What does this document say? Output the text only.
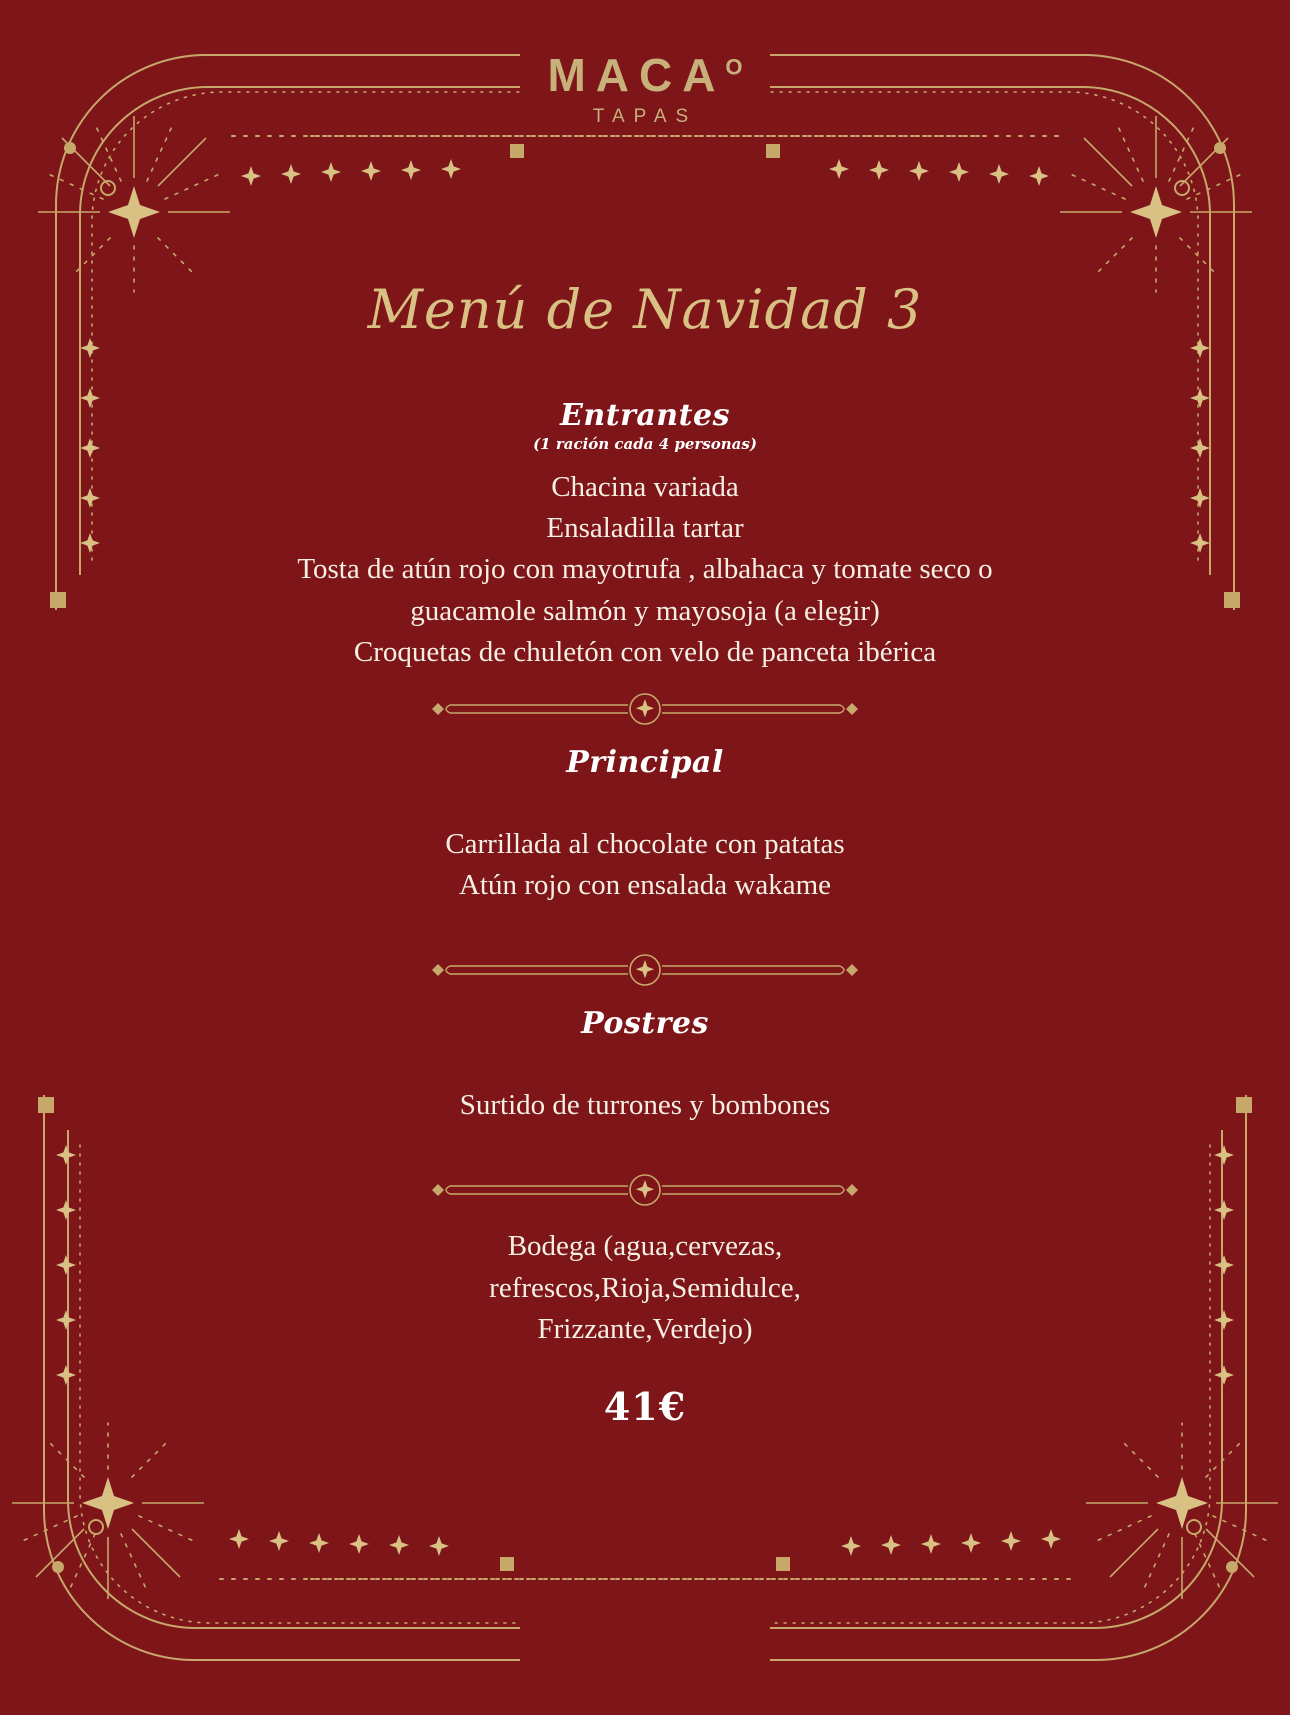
$MACA^O$
TAPAS
Menú de Navidad 3
Entrantes
(1 ración cada 4 personas)
Chacina variada
Ensaladilla tartar
Tosta de atún rojo con mayotrufa , albahaca y tomate seco o
guacamole salmón y mayosoja (a elegir)
Croquetas de chuletón con velo de panceta ibérica
Principal
Carrillada al chocolate con patatas
Atún rojo con ensalada wakame
Postres
Surtido de turrones y bombones
Bodega (agua,cervezas,
refrescos,Rioja,Semidulce,
Frizzante,Verdejo)
41€
